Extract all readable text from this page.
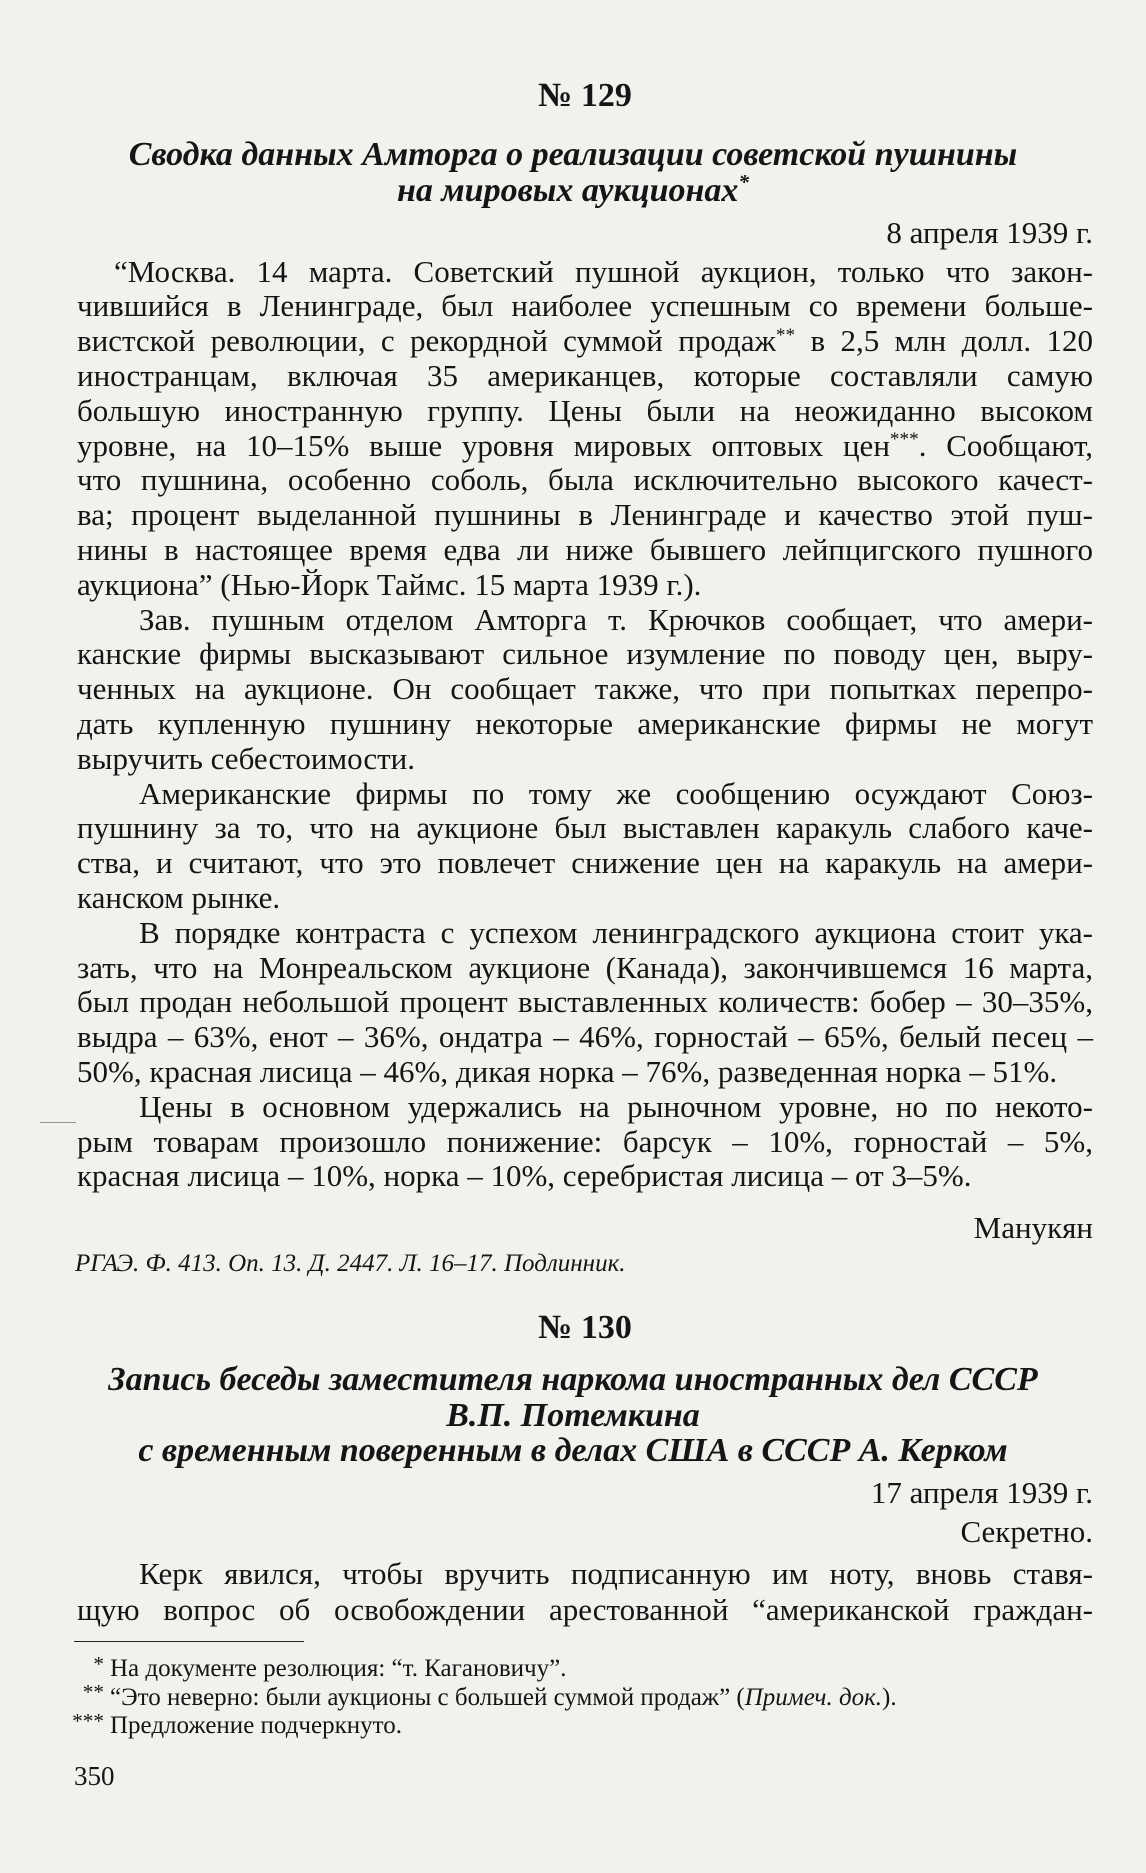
№ 129
Сводка данных Амторга о реализации советской пушнины
на мировых аукционах*
8 апреля 1939 г.
“Москва. 14 марта. Советский пушной аукцион, только что закон-
чившийся в Ленинграде, был наиболее успешным со времени больше-
вистской революции, с рекордной суммой продаж** в 2,5 млн долл. 120
иностранцам, включая 35 американцев, которые составляли самую
большую иностранную группу. Цены были на неожиданно высоком
уровне, на 10–15% выше уровня мировых оптовых цен***. Сообщают,
что пушнина, особенно соболь, была исключительно высокого качест-
ва; процент выделанной пушнины в Ленинграде и качество этой пуш-
нины в настоящее время едва ли ниже бывшего лейпцигского пушного
аукциона” (Нью-Йорк Таймс. 15 марта 1939 г.).
Зав. пушным отделом Амторга т. Крючков сообщает, что амери-
канские фирмы высказывают сильное изумление по поводу цен, выру-
ченных на аукционе. Он сообщает также, что при попытках перепро-
дать купленную пушнину некоторые американские фирмы не могут
выручить себестоимости.
Американские фирмы по тому же сообщению осуждают Союз-
пушнину за то, что на аукционе был выставлен каракуль слабого каче-
ства, и считают, что это повлечет снижение цен на каракуль на амери-
канском рынке.
В порядке контраста с успехом ленинградского аукциона стоит ука-
зать, что на Монреальском аукционе (Канада), закончившемся 16 марта,
был продан небольшой процент выставленных количеств: бобер – 30–35%,
выдра – 63%, енот – 36%, ондатра – 46%, горностай – 65%, белый песец –
50%, красная лисица – 46%, дикая норка – 76%, разведенная норка – 51%.
Цены в основном удержались на рыночном уровне, но по некото-
рым товарам произошло понижение: барсук – 10%, горностай – 5%,
красная лисица – 10%, норка – 10%, серебристая лисица – от 3–5%.
Манукян
РГАЭ. Ф. 413. Оп. 13. Д. 2447. Л. 16–17. Подлинник.
№ 130
Запись беседы заместителя наркома иностранных дел СССР
В.П. Потемкина
с временным поверенным в делах США в СССР А. Керком
17 апреля 1939 г.
Секретно.
Керк явился, чтобы вручить подписанную им ноту, вновь ставя-
щую вопрос об освобождении арестованной “американской граждан-
* На документе резолюция: “т. Кагановичу”.
** “Это неверно: были аукционы с большей суммой продаж” (Примеч. док.).
*** Предложение подчеркнуто.
350
